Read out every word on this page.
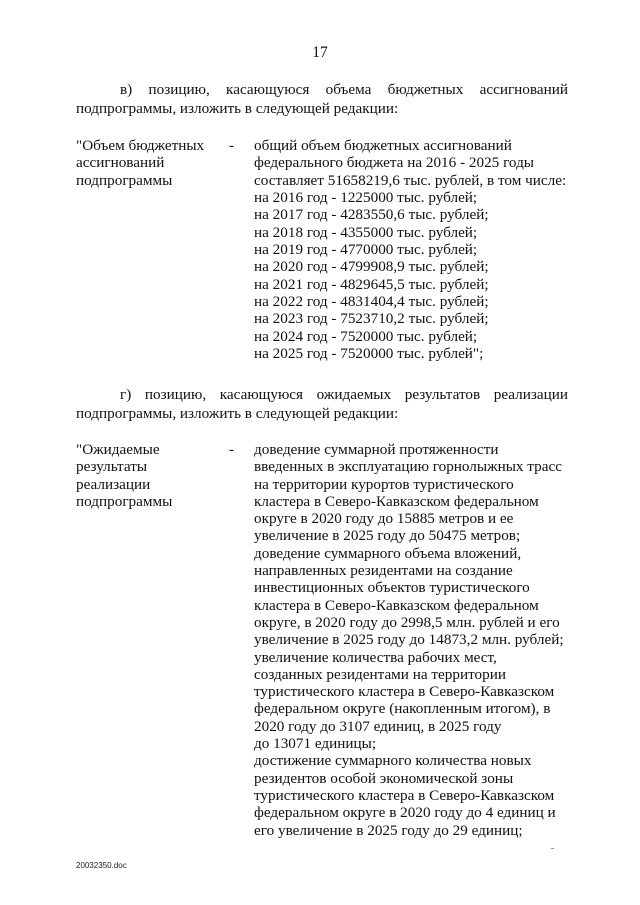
17
в) позицию, касающуюся объема бюджетных ассигнований
подпрограммы, изложить в следующей редакции:
"Объем бюджетных
ассигнований
подпрограммы
- общий объем бюджетных ассигнований
федерального бюджета на 2016 - 2025 годы
составляет 51658219,6 тыс. рублей, в том числе:
на 2016 год - 1225000 тыс. рублей;
на 2017 год - 4283550,6 тыс. рублей;
на 2018 год - 4355000 тыс. рублей;
на 2019 год - 4770000 тыс. рублей;
на 2020 год - 4799908,9 тыс. рублей;
на 2021 год - 4829645,5 тыс. рублей;
на 2022 год - 4831404,4 тыс. рублей;
на 2023 год - 7523710,2 тыс. рублей;
на 2024 год - 7520000 тыс. рублей;
на 2025 год - 7520000 тыс. рублей";
г) позицию, касающуюся ожидаемых результатов реализации
подпрограммы, изложить в следующей редакции:
"Ожидаемые
результаты
реализации
подпрограммы
- доведение суммарной протяженности
введенных в эксплуатацию горнолыжных трасс
на территории курортов туристического
кластера в Северо-Кавказском федеральном
округе в 2020 году до 15885 метров и ее
увеличение в 2025 году до 50475 метров;
доведение суммарного объема вложений,
направленных резидентами на создание
инвестиционных объектов туристического
кластера в Северо-Кавказском федеральном
округе, в 2020 году до 2998,5 млн. рублей и его
увеличение в 2025 году до 14873,2 млн. рублей;
увеличение количества рабочих мест,
созданных резидентами на территории
туристического кластера в Северо-Кавказском
федеральном округе (накопленным итогом), в
2020 году до 3107 единиц, в 2025 году
до 13071 единицы;
достижение суммарного количества новых
резидентов особой экономической зоны
туристического кластера в Северо-Кавказском
федеральном округе в 2020 году до 4 единиц и
его увеличение в 2025 году до 29 единиц;
20032350.doc
